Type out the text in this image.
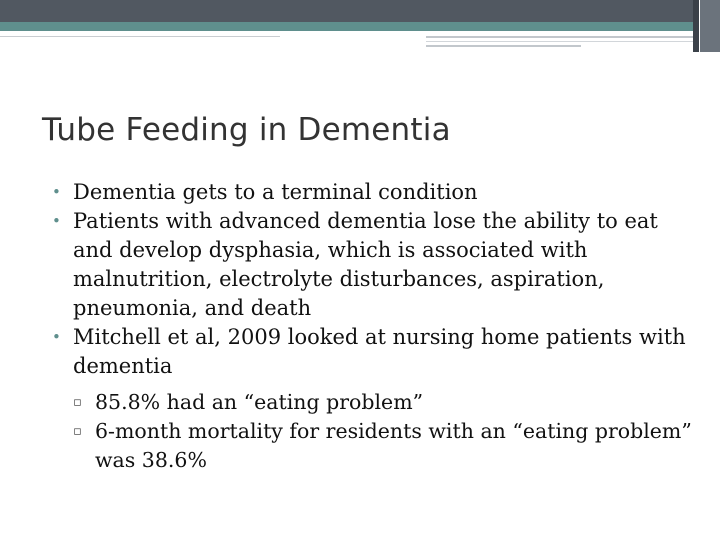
Tube Feeding in Dementia
• Dementia gets to a terminal condition
• Patients with advanced dementia lose the ability to eat and develop dysphasia, which is associated with malnutrition, electrolyte disturbances, aspiration, pneumonia, and death
• Mitchell et al, 2009 looked at nursing home patients with dementia
▫ 85.8% had an “eating problem”
▫ 6-month mortality for residents with an “eating problem” was 38.6%
